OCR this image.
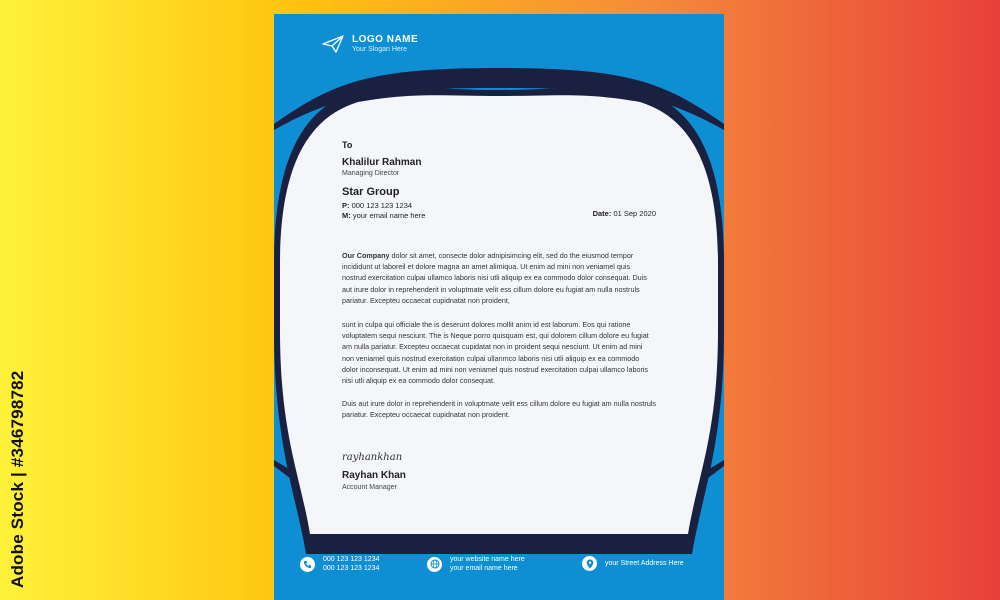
Adobe Stock | #346798782
LOGO NAME
Your Slogan Here
To
Khalilur Rahman
Managing Director
Star Group
P: 000 123 123 1234
M: your email name here	Date: 01 Sep 2020

Our Company dolor sit amet, consecte dolor adnipisimcing elit, sed do the eiusmod tempor incididunt ut laboreil et dolore magna an amet alimiqua. Ut enim ad mini non veniamel quis nostrud exercitation culpai ullamco laboris nisi utli aliquip ex ea commodo dolor consequat. Duis aut irure dolor in reprehenderit in voluptmate velit ess cillum dolore eu fugiat am nulla nostruls pariatur. Excepteu occaecat cupidnatat non proident,

sunt in culpa qui officiale the is deserunt dolores mollit anim id est laborum. Eos qui ratione voluptatem sequi nesciunt. The is Neque porro quisquam est, qui dolorem cillum dolore eu fugiat am nulla pariatur. Excepteu occaecat cupidatat non in proident sequi nesciunt. Ut enim ad mini non veniamel quis nostrud exercitation culpai ullanmco laboris nisi utli aliquip ex ea commodo dolor inconsequat. Ut enim ad mini non veniamel quis nostrud exercitation culpai ullamco laboris nisi utli aliquip ex ea commodo dolor consequat.

Duis aut irure dolor in reprehenderit in voluptmate velit ess cillum dolore eu fugiat am nulla nostruls pariatur. Excepteu occaecat cupidnatat non proident.

rayhankhan
Rayhan Khan
Account Manager
000 123 123 1234
000 123 123 1234
your website name here
your email name here
your Street Address Here
